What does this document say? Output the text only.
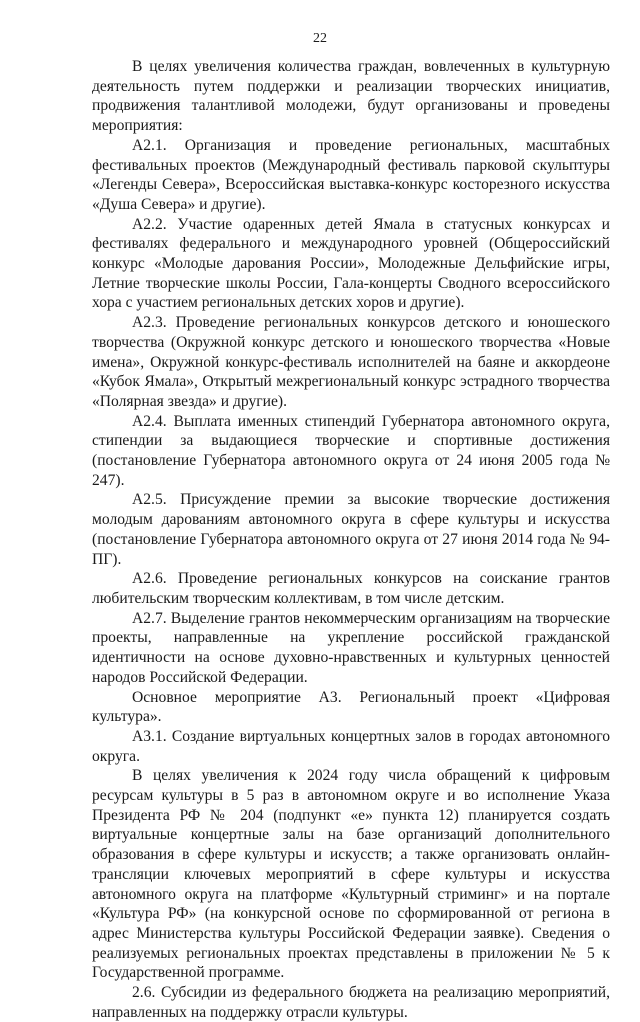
22

В целях увеличения количества граждан, вовлеченных в культурную деятельность путем поддержки и реализации творческих инициатив, продвижения талантливой молодежи, будут организованы и проведены мероприятия:

А2.1. Организация и проведение региональных, масштабных фестивальных проектов (Международный фестиваль парковой скульптуры «Легенды Севера», Всероссийская выставка-конкурс косторезного искусства «Душа Севера» и другие).

А2.2. Участие одаренных детей Ямала в статусных конкурсах и фестивалях федерального и международного уровней (Общероссийский конкурс «Молодые дарования России», Молодежные Дельфийские игры, Летние творческие школы России, Гала-концерты Сводного всероссийского хора с участием региональных детских хоров и другие).

А2.3. Проведение региональных конкурсов детского и юношеского творчества (Окружной конкурс детского и юношеского творчества «Новые имена», Окружной конкурс-фестиваль исполнителей на баяне и аккордеоне «Кубок Ямала», Открытый межрегиональный конкурс эстрадного творчества «Полярная звезда» и другие).

А2.4. Выплата именных стипендий Губернатора автономного округа, стипендии за выдающиеся творческие и спортивные достижения (постановление Губернатора автономного округа от 24 июня 2005 года № 247).

А2.5. Присуждение премии за высокие творческие достижения молодым дарованиям автономного округа в сфере культуры и искусства (постановление Губернатора автономного округа от 27 июня 2014 года № 94-ПГ).

А2.6. Проведение региональных конкурсов на соискание грантов любительским творческим коллективам, в том числе детским.

А2.7. Выделение грантов некоммерческим организациям на творческие проекты, направленные на укрепление российской гражданской идентичности на основе духовно-нравственных и культурных ценностей народов Российской Федерации.

Основное мероприятие А3. Региональный проект «Цифровая культура».

А3.1. Создание виртуальных концертных залов в городах автономного округа.

В целях увеличения к 2024 году числа обращений к цифровым ресурсам культуры в 5 раз в автономном округе и во исполнение Указа Президента РФ № 204 (подпункт «е» пункта 12) планируется создать виртуальные концертные залы на базе организаций дополнительного образования в сфере культуры и искусств; а также организовать онлайн-трансляции ключевых мероприятий в сфере культуры и искусства автономного округа на платформе «Культурный стриминг» и на портале «Культура РФ» (на конкурсной основе по сформированной от региона в адрес Министерства культуры Российской Федерации заявке). Сведения о реализуемых региональных проектах представлены в приложении № 5 к Государственной программе.

2.6. Субсидии из федерального бюджета на реализацию мероприятий, направленных на поддержку отрасли культуры.
